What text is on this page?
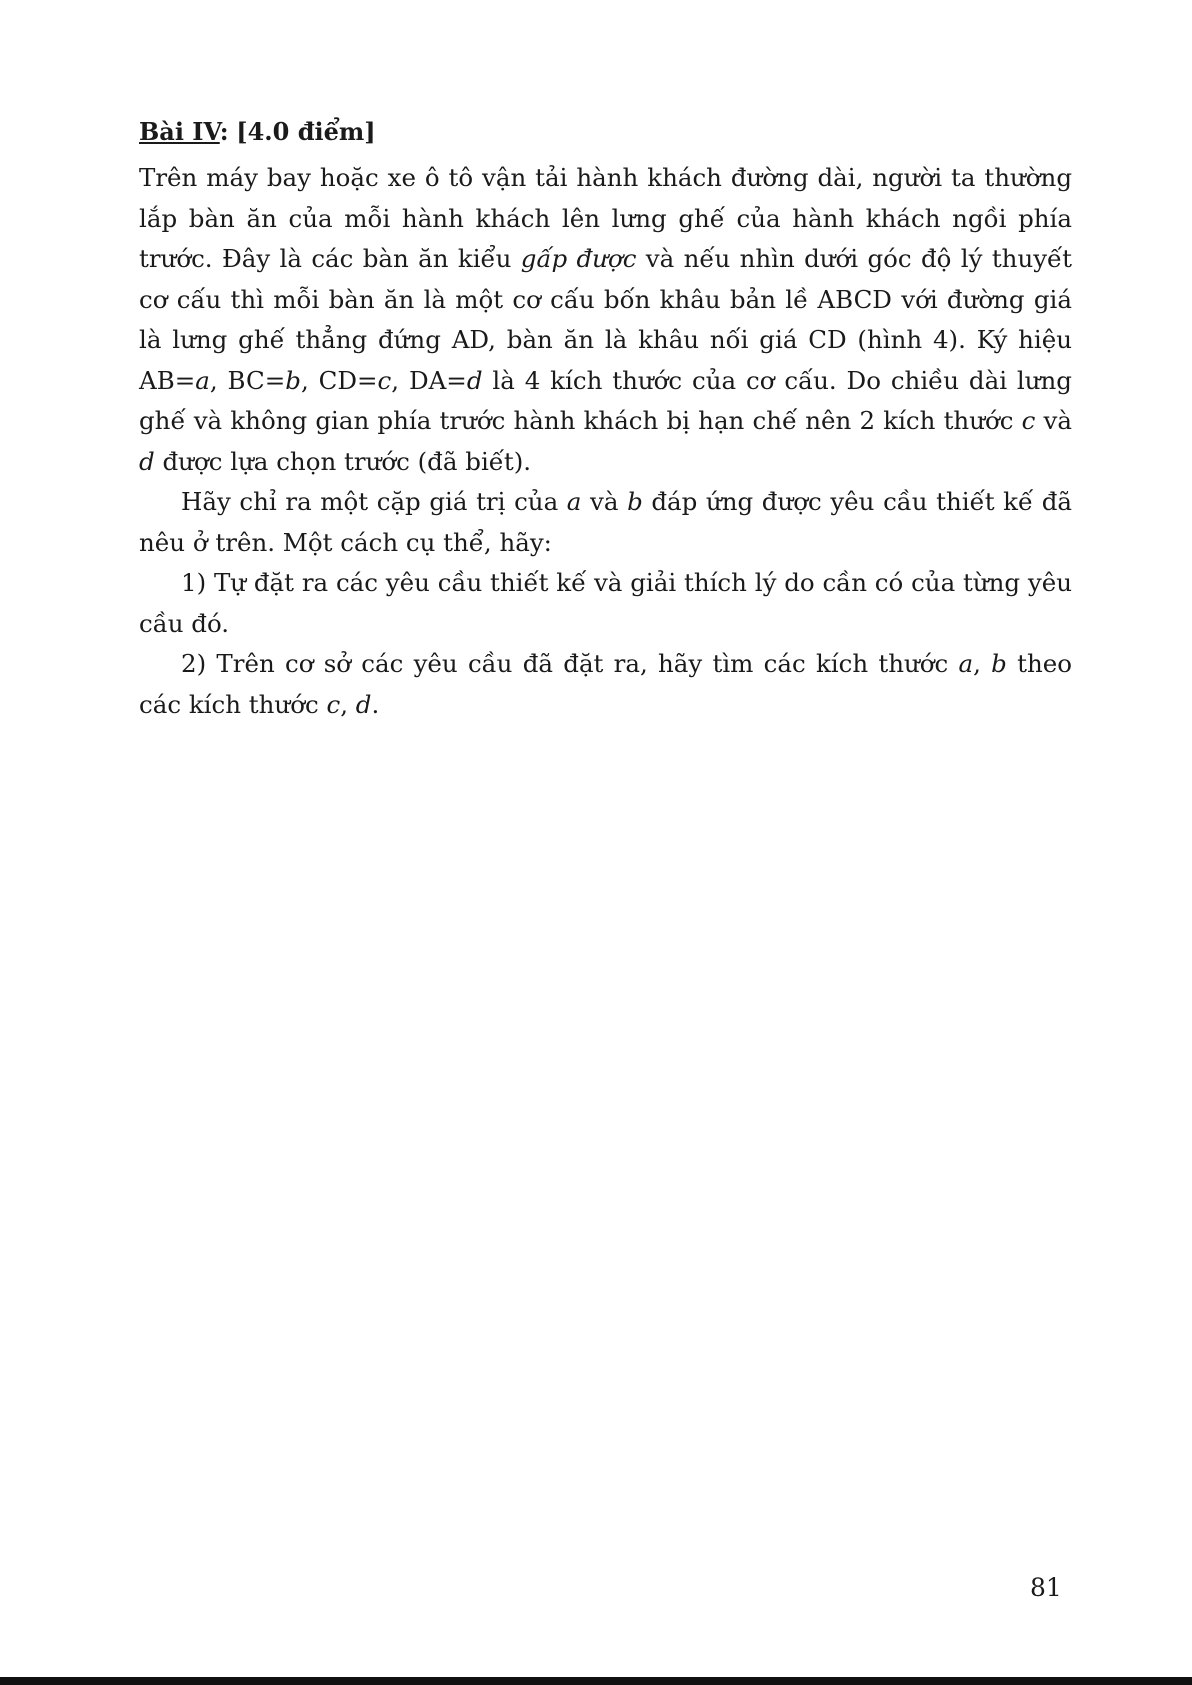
Bài IV: [4.0 điểm]

Trên máy bay hoặc xe ô tô vận tải hành khách đường dài, người ta thường lắp bàn ăn của mỗi hành khách lên lưng ghế của hành khách ngồi phía trước. Đây là các bàn ăn kiểu gấp được và nếu nhìn dưới góc độ lý thuyết cơ cấu thì mỗi bàn ăn là một cơ cấu bốn khâu bản lề ABCD với đường giá là lưng ghế thẳng đứng AD, bàn ăn là khâu nối giá CD (hình 4). Ký hiệu AB=a, BC=b, CD=c, DA=d là 4 kích thước của cơ cấu. Do chiều dài lưng ghế và không gian phía trước hành khách bị hạn chế nên 2 kích thước c và d được lựa chọn trước (đã biết).

Hãy chỉ ra một cặp giá trị của a và b đáp ứng được yêu cầu thiết kế đã nêu ở trên. Một cách cụ thể, hãy:

1) Tự đặt ra các yêu cầu thiết kế và giải thích lý do cần có của từng yêu cầu đó.

2) Trên cơ sở các yêu cầu đã đặt ra, hãy tìm các kích thước a, b theo các kích thước c, d.

81
